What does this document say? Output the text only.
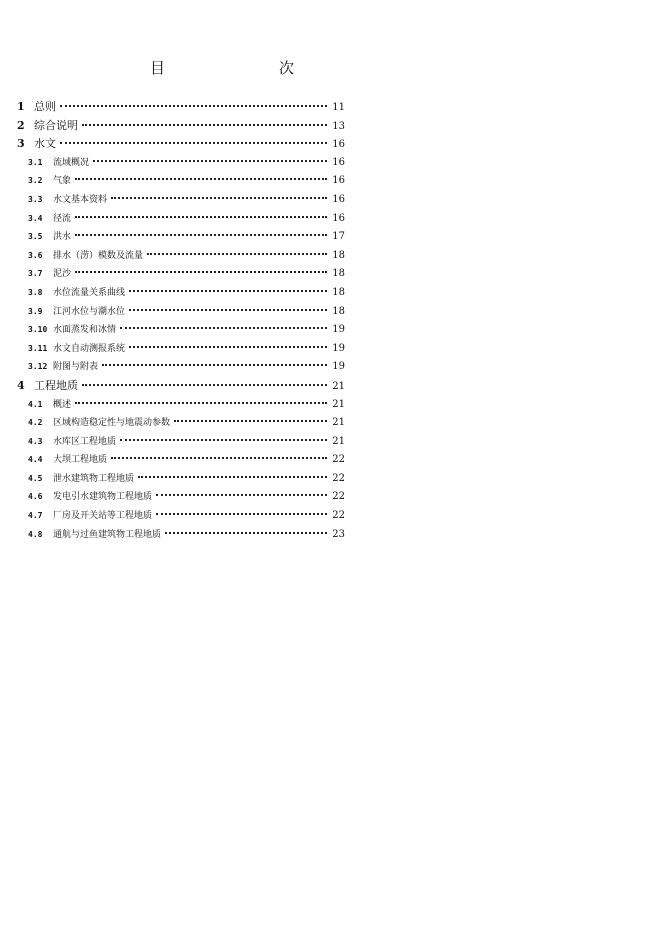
目　　次
1 总则	11
2 综合说明	13
3 水文	16
3.1	流域概况	16
3.2	气象	16
3.3	水文基本资料	16
3.4	径流	16
3.5	洪水	17
3.6	排水（涝）模数及流量	18
3.7	泥沙	18
3.8	水位流量关系曲线	18
3.9	江河水位与潮水位	18
3.10 水面蒸发和冰情	19
3.11 水文自动测报系统	19
3.12 附图与附表	19
4 工程地质	21
4.1	概述	21
4.2	区域构造稳定性与地震动参数	21
4.3	水库区工程地质	21
4.4	大坝工程地质	22
4.5	泄水建筑物工程地质	22
4.6	发电引水建筑物工程地质	22
4.7	厂房及开关站等工程地质	22
4.8	通航与过鱼建筑物工程地质	23
